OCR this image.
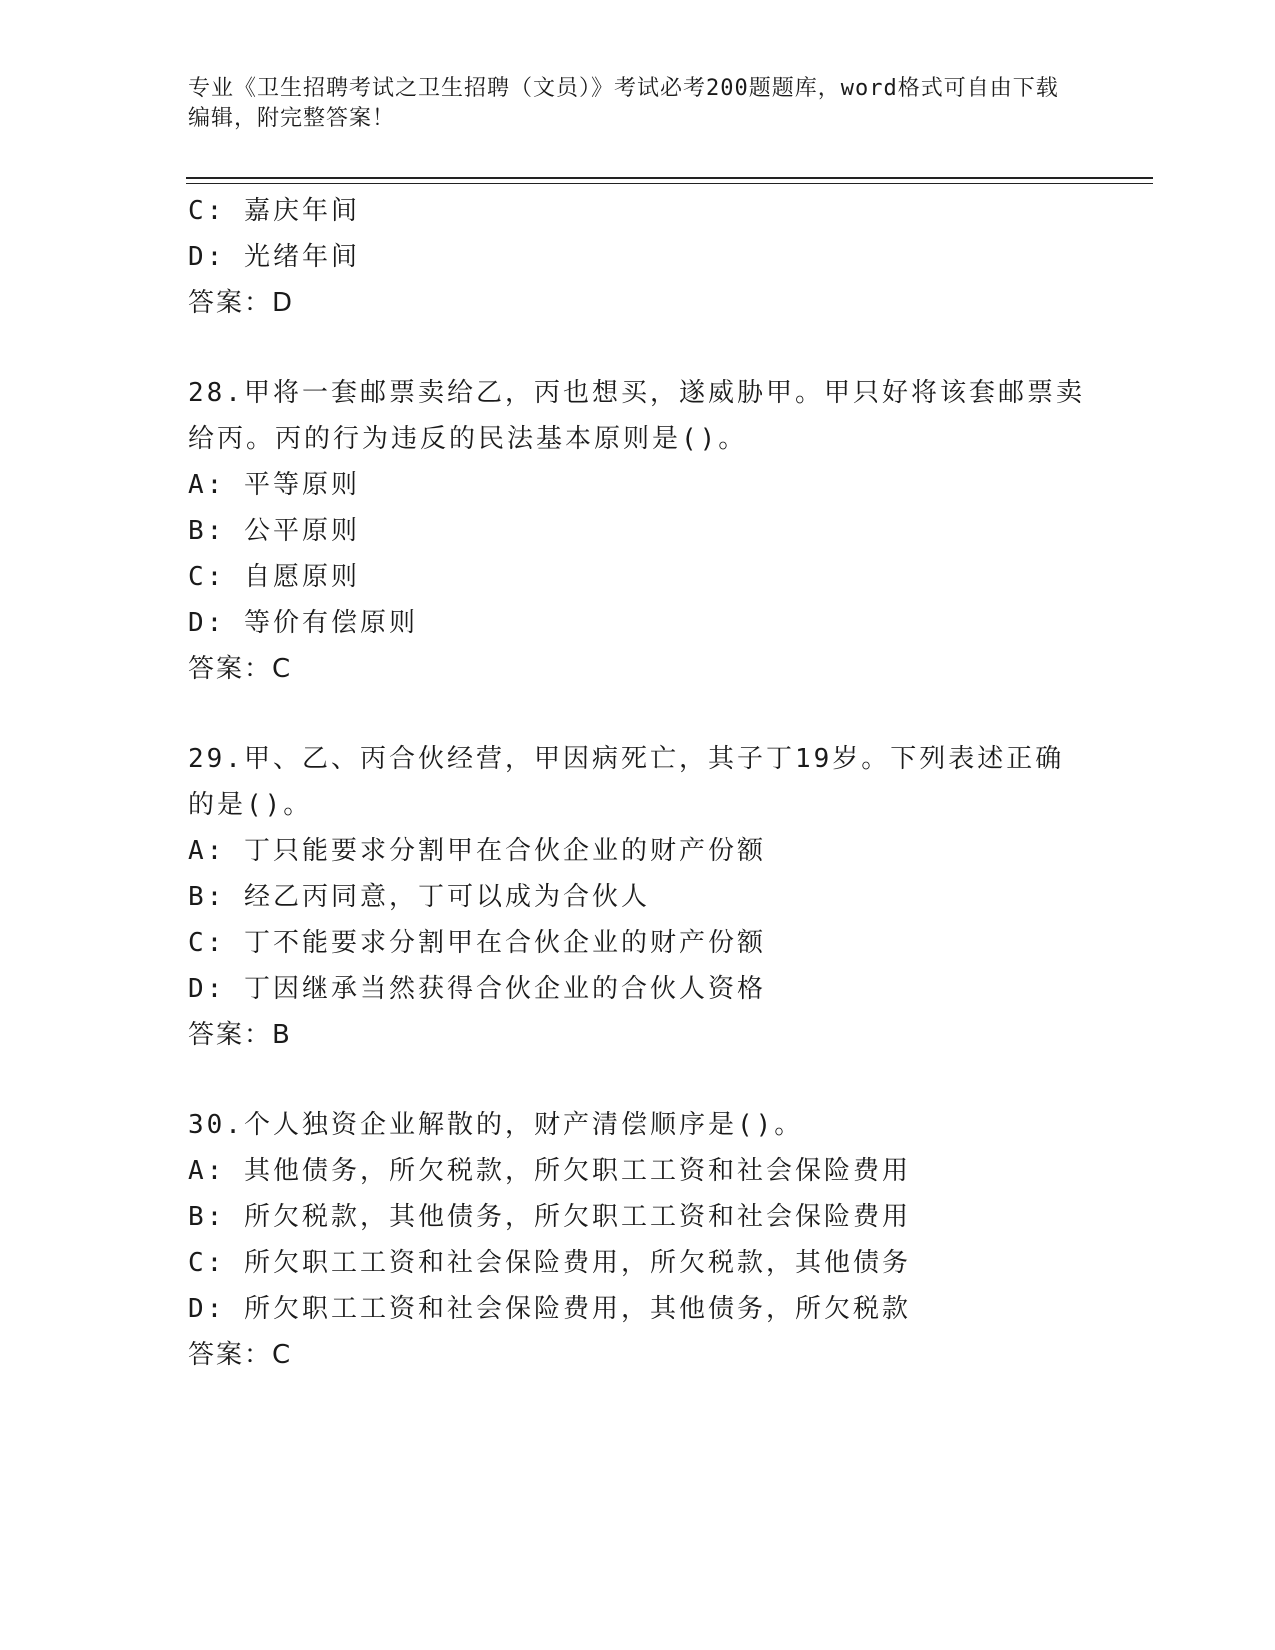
专业《卫生招聘考试之卫生招聘（文员）》考试必考200题题库，word格式可自由下载编辑，附完整答案！

C: 嘉庆年间
D: 光绪年间
答案：D
28.甲将一套邮票卖给乙，丙也想买，遂威胁甲。甲只好将该套邮票卖
给丙。丙的行为违反的民法基本原则是()。
A: 平等原则
B: 公平原则
C: 自愿原则
D: 等价有偿原则
答案：C
29.甲、乙、丙合伙经营，甲因病死亡，其子丁19岁。下列表述正确
的是()。
A: 丁只能要求分割甲在合伙企业的财产份额
B: 经乙丙同意，丁可以成为合伙人
C: 丁不能要求分割甲在合伙企业的财产份额
D: 丁因继承当然获得合伙企业的合伙人资格
答案：B
30.个人独资企业解散的，财产清偿顺序是()。
A: 其他债务，所欠税款，所欠职工工资和社会保险费用
B: 所欠税款，其他债务，所欠职工工资和社会保险费用
C: 所欠职工工资和社会保险费用，所欠税款，其他债务
D: 所欠职工工资和社会保险费用，其他债务，所欠税款
答案：C
